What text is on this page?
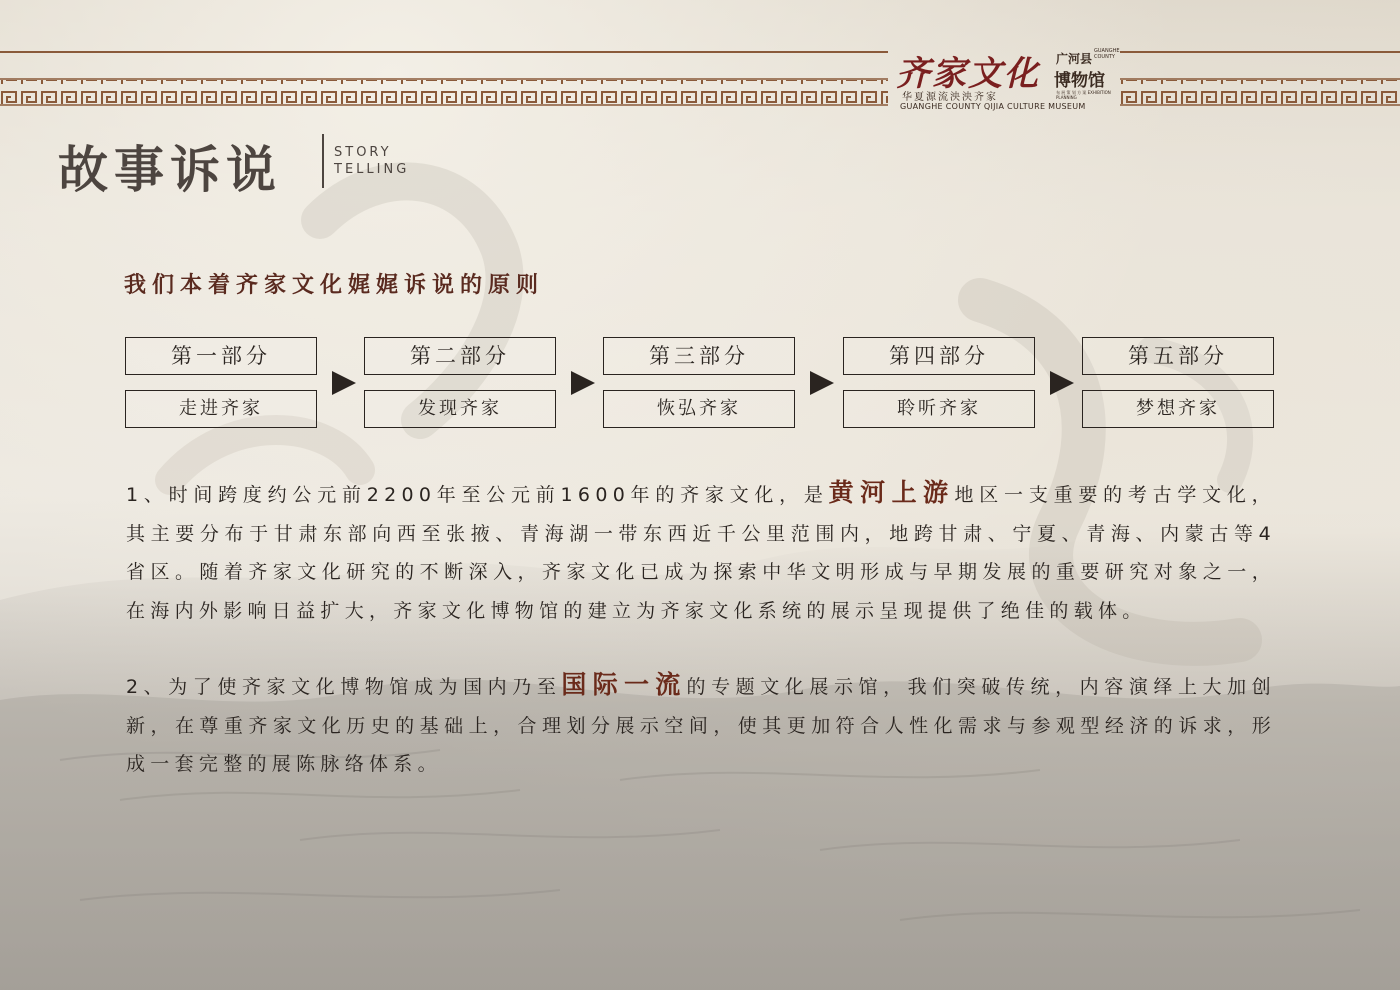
齐家文化 广河县
GUANGHE COUNTY
博物馆
华夏源流泱泱齐家	布 展 策 划 方 案 EXHIBITION PLANNING
GUANGHE COUNTY QIJIA CULTURE MUSEUM
故事诉说	STORY
TELLING
我们本着齐家文化娓娓诉说的原则
第一部分
走进齐家
第二部分
发现齐家
第三部分
恢弘齐家
第四部分
聆听齐家
第五部分
梦想齐家
1、时间跨度约公元前2200年至公元前1600年的齐家文化，是黄河上游地区一支重要的考古学文化，其主要分布于甘肃东部向西至张掖、青海湖一带东西近千公里范围内，地跨甘肃、宁夏、青海、内蒙古等4省区。随着齐家文化研究的不断深入，齐家文化已成为探索中华文明形成与早期发展的重要研究对象之一，在海内外影响日益扩大，齐家文化博物馆的建立为齐家文化系统的展示呈现提供了绝佳的载体。
2、为了使齐家文化博物馆成为国内乃至国际一流的专题文化展示馆，我们突破传统，内容演绎上大加创新，在尊重齐家文化历史的基础上，合理划分展示空间，使其更加符合人性化需求与参观型经济的诉求，形成一套完整的展陈脉络体系。
